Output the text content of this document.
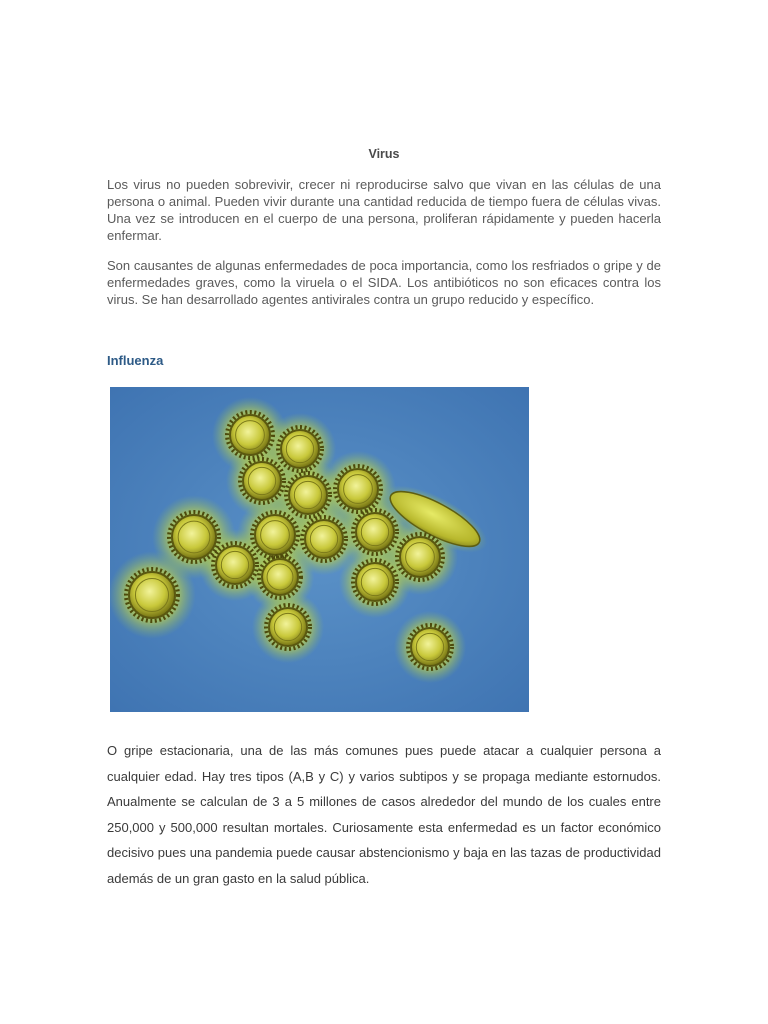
Virus

Los virus no pueden sobrevivir, crecer ni reproducirse salvo que vivan en las células de una persona o animal. Pueden vivir durante una cantidad reducida de tiempo fuera de células vivas. Una vez se introducen en el cuerpo de una persona, proliferan rápidamente y pueden hacerla enfermar.

Son causantes de algunas enfermedades de poca importancia, como los resfriados o gripe y de enfermedades graves, como la viruela o el SIDA. Los antibióticos no son eficaces contra los virus. Se han desarrollado agentes antivirales contra un grupo reducido y específico.

Influenza

O gripe estacionaria, una de las más comunes pues puede atacar a cualquier persona a cualquier edad. Hay tres tipos (A,B y C) y varios subtipos y se propaga mediante estornudos. Anualmente se calculan de 3 a 5 millones de casos alrededor del mundo de los cuales entre 250,000 y 500,000 resultan mortales. Curiosamente esta enfermedad es un factor económico decisivo pues una pandemia puede causar abstencionismo y baja en las tazas de productividad además de un gran gasto en la salud pública.
